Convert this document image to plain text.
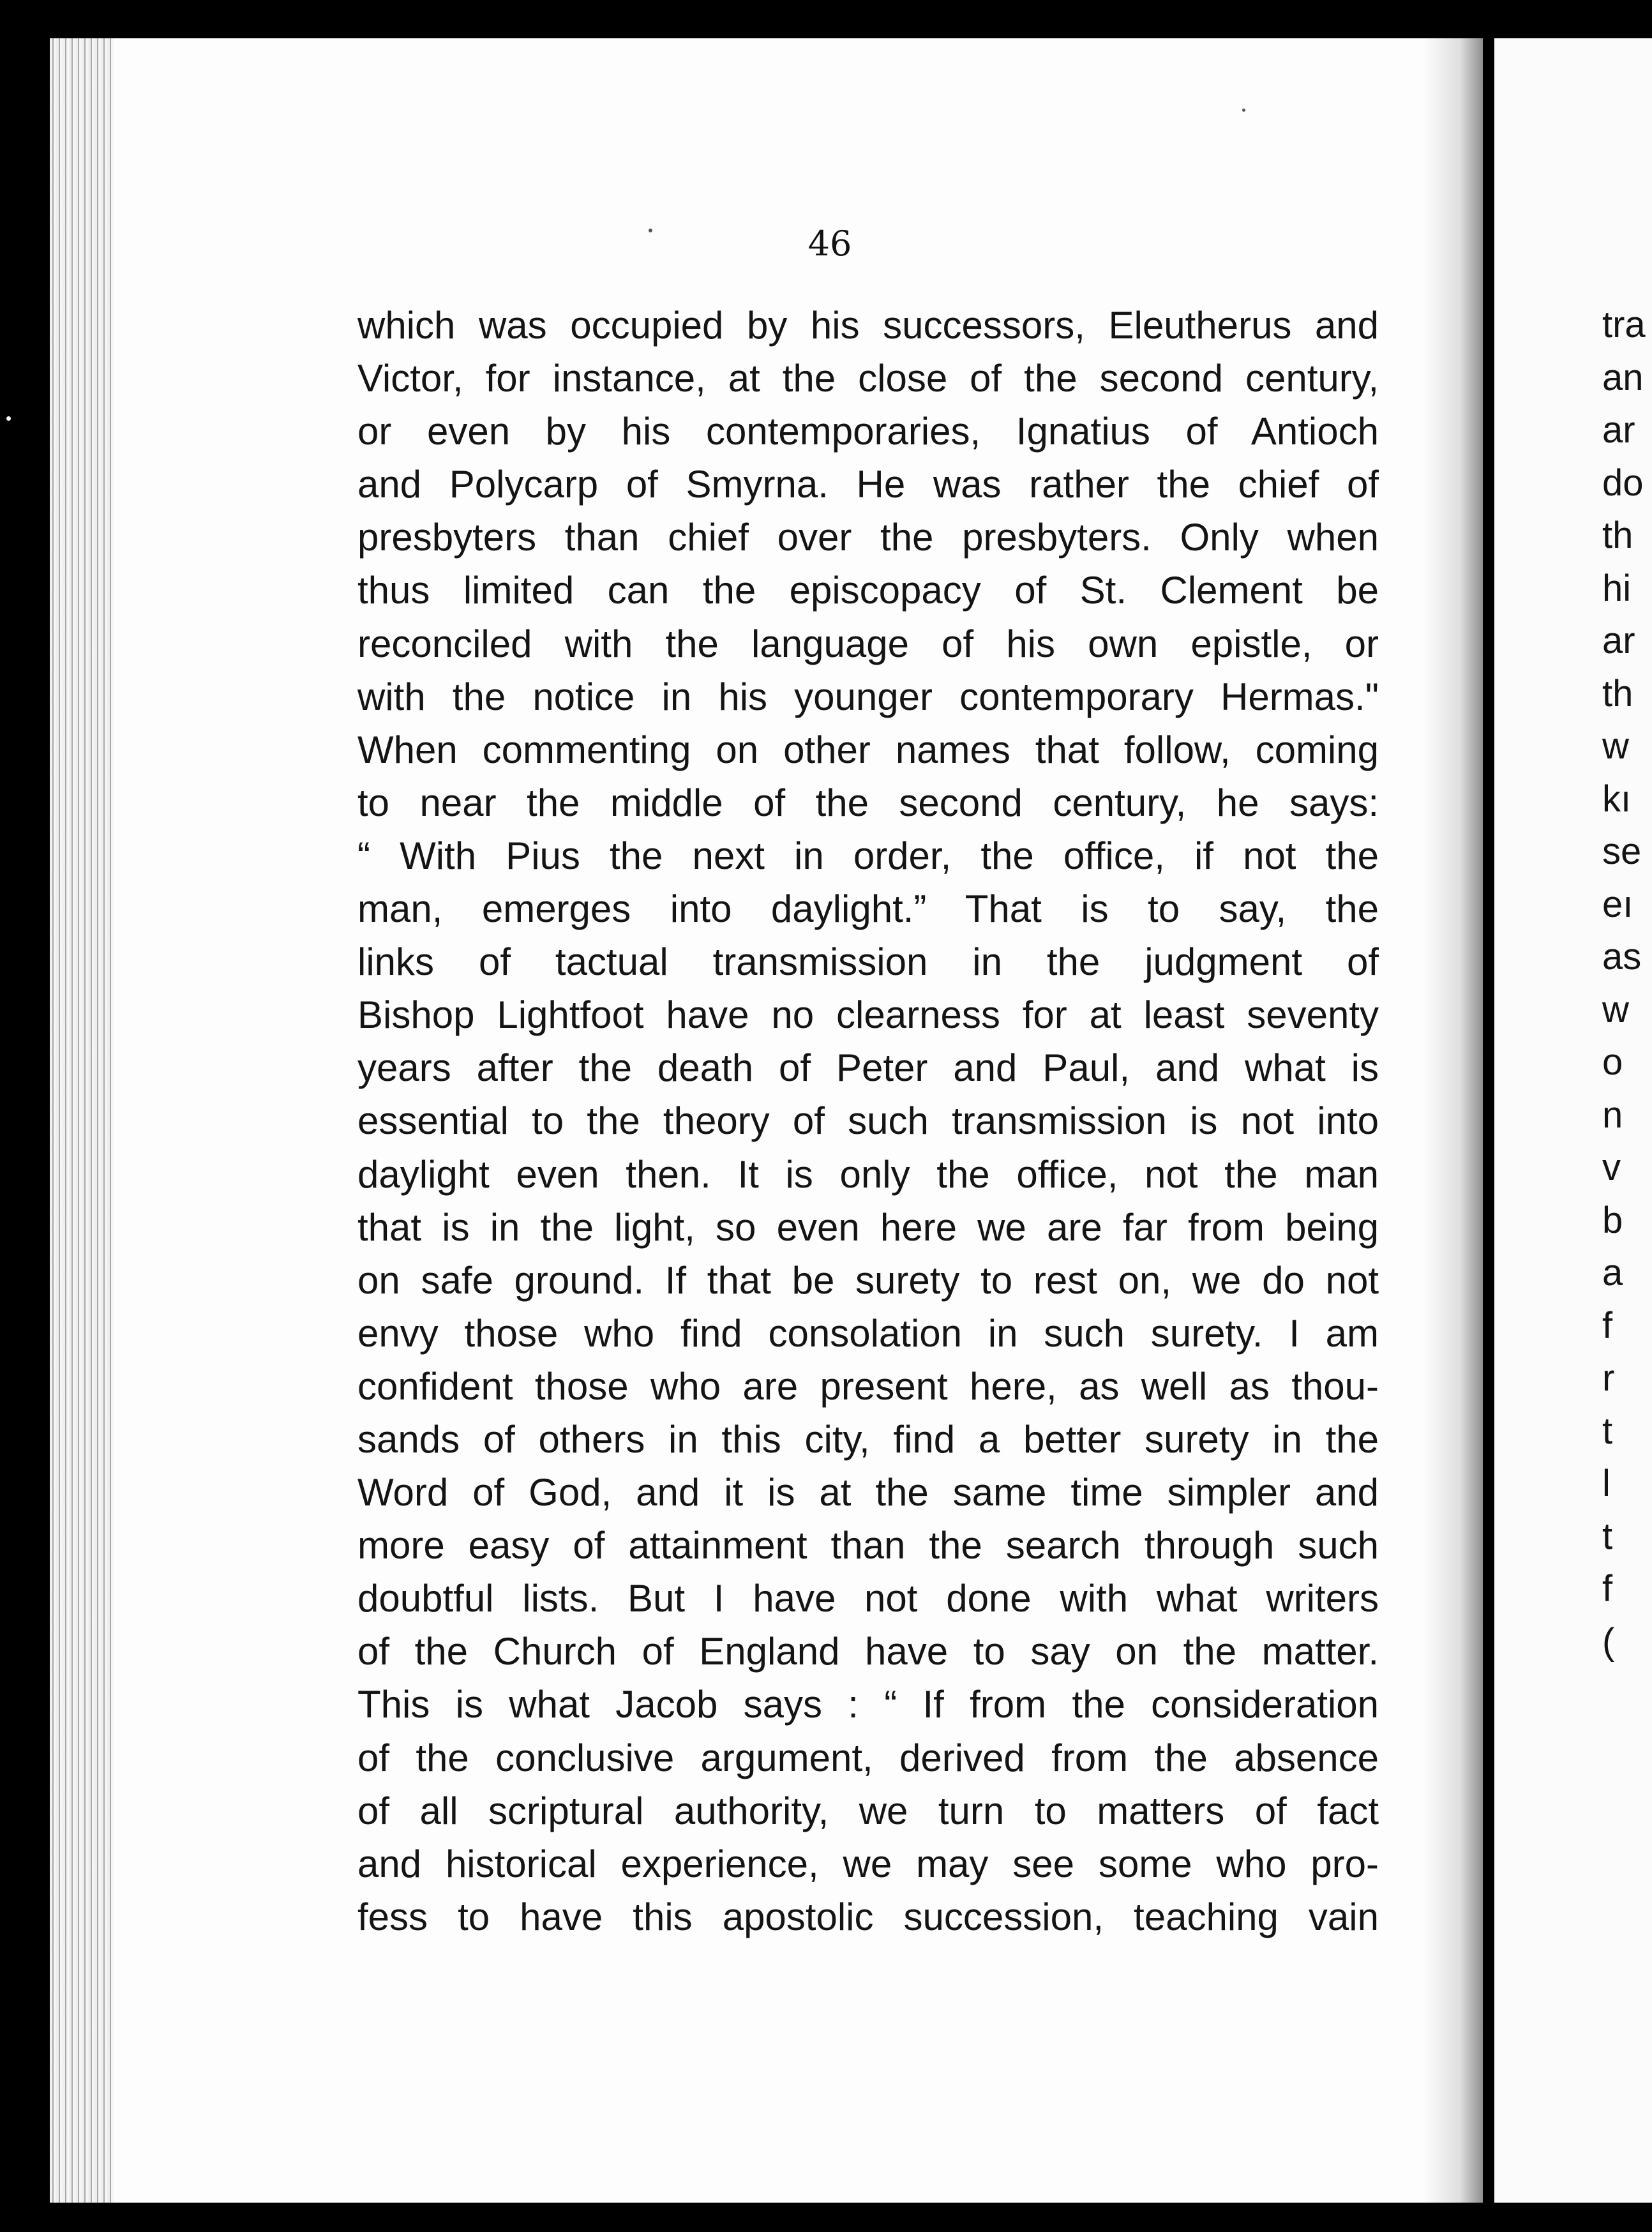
46
which was occupied by his successors, Eleutherus and
Victor, for instance, at the close of the second century,
or even by his contemporaries, Ignatius of Antioch
and Polycarp of Smyrna. He was rather the chief of
presbyters than chief over the presbyters. Only when
thus limited can the episcopacy of St. Clement be
reconciled with the language of his own epistle, or
with the notice in his younger contemporary Hermas."
When commenting on other names that follow, coming
to near the middle of the second century, he says:
“ With Pius the next in order, the office, if not the
man, emerges into daylight.” That is to say, the
links of tactual transmission in the judgment of
Bishop Lightfoot have no clearness for at least seventy
years after the death of Peter and Paul, and what is
essential to the theory of such transmission is not into
daylight even then. It is only the office, not the man
that is in the light, so even here we are far from being
on safe ground. If that be surety to rest on, we do not
envy those who find consolation in such surety. I am
confident those who are present here, as well as thou-
sands of others in this city, find a better surety in the
Word of God, and it is at the same time simpler and
more easy of attainment than the search through such
doubtful lists. But I have not done with what writers
of the Church of England have to say on the matter.
This is what Jacob says : “ If from the consideration
of the conclusive argument, derived from the absence
of all scriptural authority, we turn to matters of fact
and historical experience, we may see some who pro-
fess to have this apostolic succession, teaching vain
tra
an
ar
do
th
hi
ar
th
w
kı
se
eı
as
w
o
n
v
b
a
f
r
t
l
t
f
(
